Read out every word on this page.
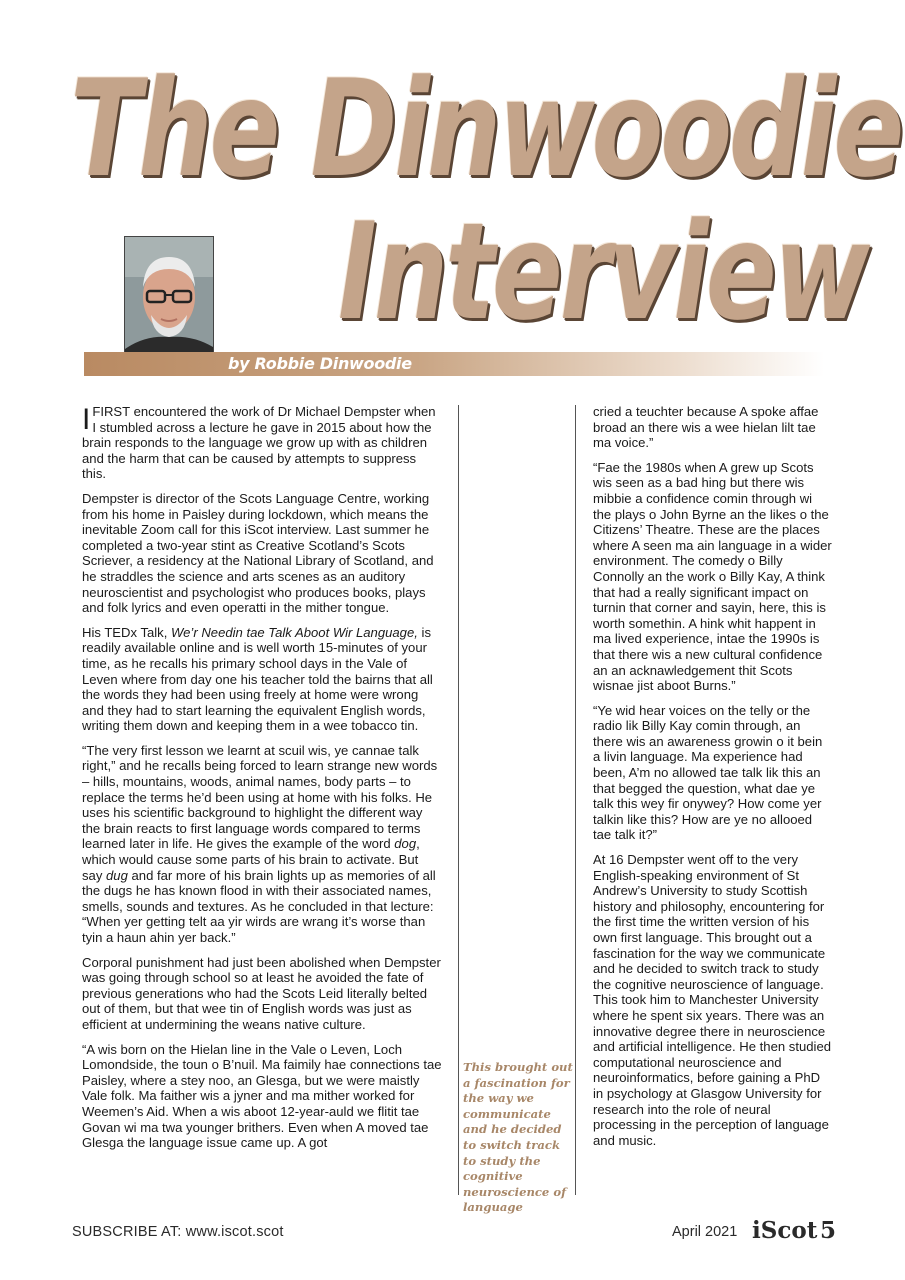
The Dinwoodie
Interview
by Robbie Dinwoodie

IFIRST encountered the work of Dr Michael Dempster when I stumbled across a lecture he gave in 2015 about how the brain responds to the language we grow up with as children and the harm that can be caused by attempts to suppress this.

Dempster is director of the Scots Language Centre, working from his home in Paisley during lockdown, which means the inevitable Zoom call for this iScot interview. Last summer he completed a two-year stint as Creative Scotland’s Scots Scriever, a residency at the National Library of Scotland, and he straddles the science and arts scenes as an auditory neuroscientist and psychologist who produces books, plays and folk lyrics and even operatti in the mither tongue.

His TEDx Talk, We’r Needin tae Talk Aboot Wir Language, is readily available online and is well worth 15-minutes of your time, as he recalls his primary school days in the Vale of Leven where from day one his teacher told the bairns that all the words they had been using freely at home were wrong and they had to start learning the equivalent English words, writing them down and keeping them in a wee tobacco tin.

“The very first lesson we learnt at scuil wis, ye cannae talk right,” and he recalls being forced to learn strange new words – hills, mountains, woods, animal names, body parts – to replace the terms he’d been using at home with his folks. He uses his scientific background to highlight the different way the brain reacts to first language words compared to terms learned later in life. He gives the example of the word dog, which would cause some parts of his brain to activate. But say dug and far more of his brain lights up as memories of all the dugs he has known flood in with their associated names, smells, sounds and textures. As he concluded in that lecture: “When yer getting telt aa yir wirds are wrang it’s worse than tyin a haun ahin yer back.”

Corporal punishment had just been abolished when Dempster was going through school so at least he avoided the fate of previous generations who had the Scots Leid literally belted out of them, but that wee tin of English words was just as efficient at undermining the weans native culture.

“A wis born on the Hielan line in the Vale o Leven, Loch Lomondside, the toun o B’nuil. Ma faimily hae connections tae Paisley, where a stey noo, an Glesga, but we were maistly Vale folk. Ma faither wis a jyner and ma mither worked for Weemen’s Aid. When a wis aboot 12-year-auld we flitit tae Govan wi ma twa younger brithers. Even when A moved tae Glesga the language issue came up. A got

This brought out a fascination for the way we communicate and he decided to switch track to study the cognitive neuroscience of language

cried a teuchter because A spoke affae broad an there wis a wee hielan lilt tae ma voice.”

“Fae the 1980s when A grew up Scots wis seen as a bad hing but there wis mibbie a confidence comin through wi the plays o John Byrne an the likes o the Citizens’ Theatre. These are the places where A seen ma ain language in a wider environment. The comedy o Billy Connolly an the work o Billy Kay, A think that had a really significant impact on turnin that corner and sayin, here, this is worth somethin. A hink whit happent in ma lived experience, intae the 1990s is that there wis a new cultural confidence an an acknawledgement thit Scots wisnae jist aboot Burns.”

“Ye wid hear voices on the telly or the radio lik Billy Kay comin through, an there wis an awareness growin o it bein a livin language. Ma experience had been, A’m no allowed tae talk lik this an that begged the question, what dae ye talk this wey fir onywey? How come yer talkin like this? How are ye no allooed tae talk it?”

At 16 Dempster went off to the very English-speaking environment of St Andrew’s University to study Scottish history and philosophy, encountering for the first time the written version of his own first language. This brought out a fascination for the way we communicate and he decided to switch track to study the cognitive neuroscience of language. This took him to Manchester University where he spent six years. There was an innovative degree there in neuroscience and artificial intelligence. He then studied computational neuroscience and neuroinformatics, before gaining a PhD in psychology at Glasgow University for research into the role of neural processing in the perception of language and music.

SUBSCRIBE AT: www.iscot.scot	April 2021 iScot 5
